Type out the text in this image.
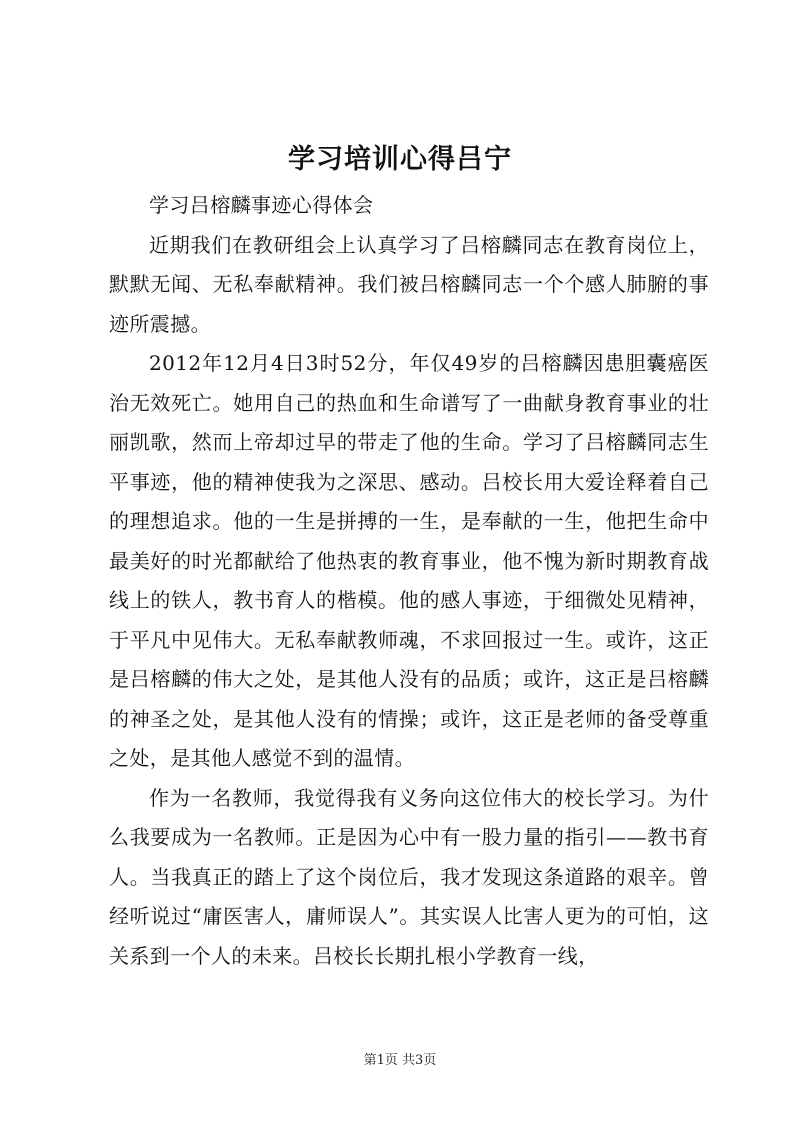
学习培训心得吕宁

学习吕榕麟事迹心得体会

近期我们在教研组会上认真学习了吕榕麟同志在教育岗位上，默默无闻、无私奉献精神。我们被吕榕麟同志一个个感人肺腑的事迹所震撼。

2012年12月4日3时52分，年仅49岁的吕榕麟因患胆囊癌医治无效死亡。她用自己的热血和生命谱写了一曲献身教育事业的壮丽凯歌，然而上帝却过早的带走了他的生命。学习了吕榕麟同志生平事迹，他的精神使我为之深思、感动。吕校长用大爱诠释着自己的理想追求。他的一生是拼搏的一生，是奉献的一生，他把生命中最美好的时光都献给了他热衷的教育事业，他不愧为新时期教育战线上的铁人，教书育人的楷模。他的感人事迹，于细微处见精神，于平凡中见伟大。无私奉献教师魂，不求回报过一生。或许，这正是吕榕麟的伟大之处，是其他人没有的品质；或许，这正是吕榕麟的神圣之处，是其他人没有的情操；或许，这正是老师的备受尊重之处，是其他人感觉不到的温情。

作为一名教师，我觉得我有义务向这位伟大的校长学习。为什么我要成为一名教师。正是因为心中有一股力量的指引——教书育人。当我真正的踏上了这个岗位后，我才发现这条道路的艰辛。曾经听说过“庸医害人，庸师误人”。其实误人比害人更为的可怕，这关系到一个人的未来。吕校长长期扎根小学教育一线，

第1页 共3页
